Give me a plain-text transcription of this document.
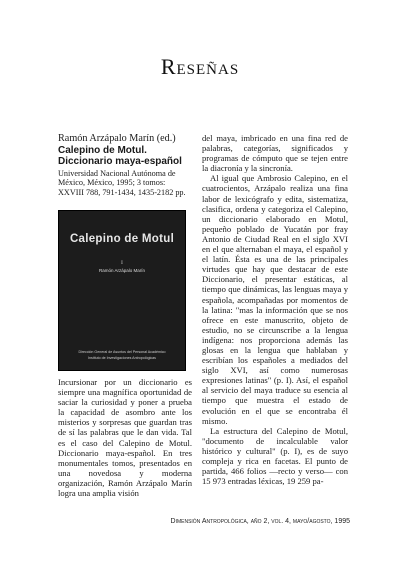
Reseñas
Ramón Arzápalo Marín (ed.)
Calepino de Motul.
Diccionario maya-español
Universidad Nacional Autónoma de México, México, 1995; 3 tomos: XXVIII 788, 791-1434, 1435-2182 pp.
Calepino de Motul
I
Ramón Arzápalo Marín
Dirección General de Asuntos del Personal Académico
Instituto de Investigaciones Antropológicas

Incursionar por un diccionario es siempre una magnífica oportunidad de saciar la curiosidad y poner a prueba la capacidad de asombro ante los misterios y sorpresas que guardan tras de sí las palabras que le dan vida. Tal es el caso del Calepino de Motul. Diccionario maya-español. En tres monumentales tomos, presentados en una novedosa y moderna organización, Ramón Arzápalo Marín logra una amplia visión

del maya, imbricado en una fina red de palabras, categorías, significados y programas de cómputo que se tejen entre la diacronía y la sincronía.

Al igual que Ambrosio Calepino, en el cuatrocientos, Arzápalo realiza una fina labor de lexicógrafo y edita, sistematiza, clasifica, ordena y categoriza el Calepino, un diccionario elaborado en Motul, pequeño poblado de Yucatán por fray Antonio de Ciudad Real en el siglo XVI en el que alternaban el maya, el español y el latín. Ésta es una de las principales virtudes que hay que destacar de este Diccionario, el presentar estáticas, al tiempo que dinámicas, las lenguas maya y española, acompañadas por momentos de la latina: "mas la información que se nos ofrece en este manuscrito, objeto de estudio, no se circunscribe a la lengua indígena: nos proporciona además las glosas en la lengua que hablaban y escribían los españoles a mediados del siglo XVI, así como numerosas expresiones latinas" (p. I). Así, el español al servicio del maya traduce su esencia al tiempo que muestra el estado de evolución en el que se encontraba él mismo.

La estructura del Calepino de Motul, "documento de incalculable valor histórico y cultural" (p. I), es de suyo compleja y rica en facetas. El punto de partida, 466 folios —recto y verso— con 15 973 entradas léxicas, 19 259 pa-

Dimensión Antropológica, año 2, vol. 4, mayo/agosto, 1995
